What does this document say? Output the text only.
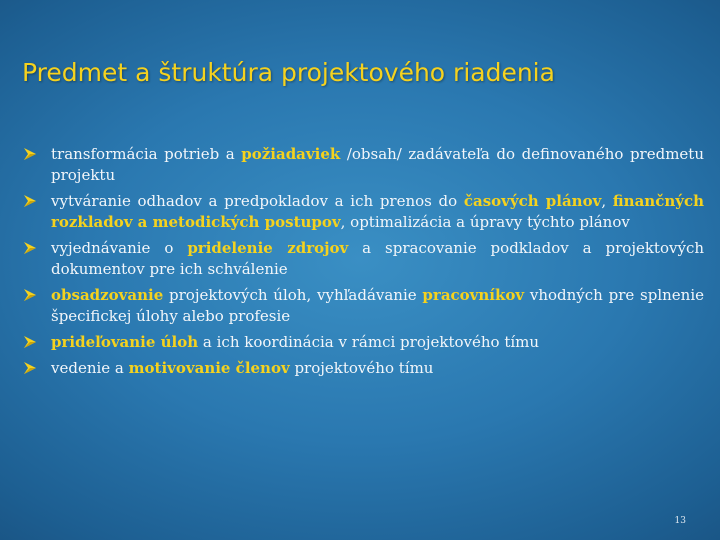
Predmet a štruktúra projektového riadenia
transformácia potrieb a požiadaviek /obsah/ zadávateľa do definovaného predmetu projektu
vytváranie odhadov a predpokladov a ich prenos do časových plánov, finančných rozkladov a metodických postupov, optimalizácia a úpravy týchto plánov
vyjednávanie o pridelenie zdrojov a spracovanie podkladov a projektových dokumentov pre ich schválenie
obsadzovanie projektových úloh, vyhľadávanie pracovníkov vhodných pre splnenie špecifickej úlohy alebo profesie
prideľovanie úloh a ich koordinácia v rámci projektového tímu
vedenie a motivovanie členov projektového tímu
13
